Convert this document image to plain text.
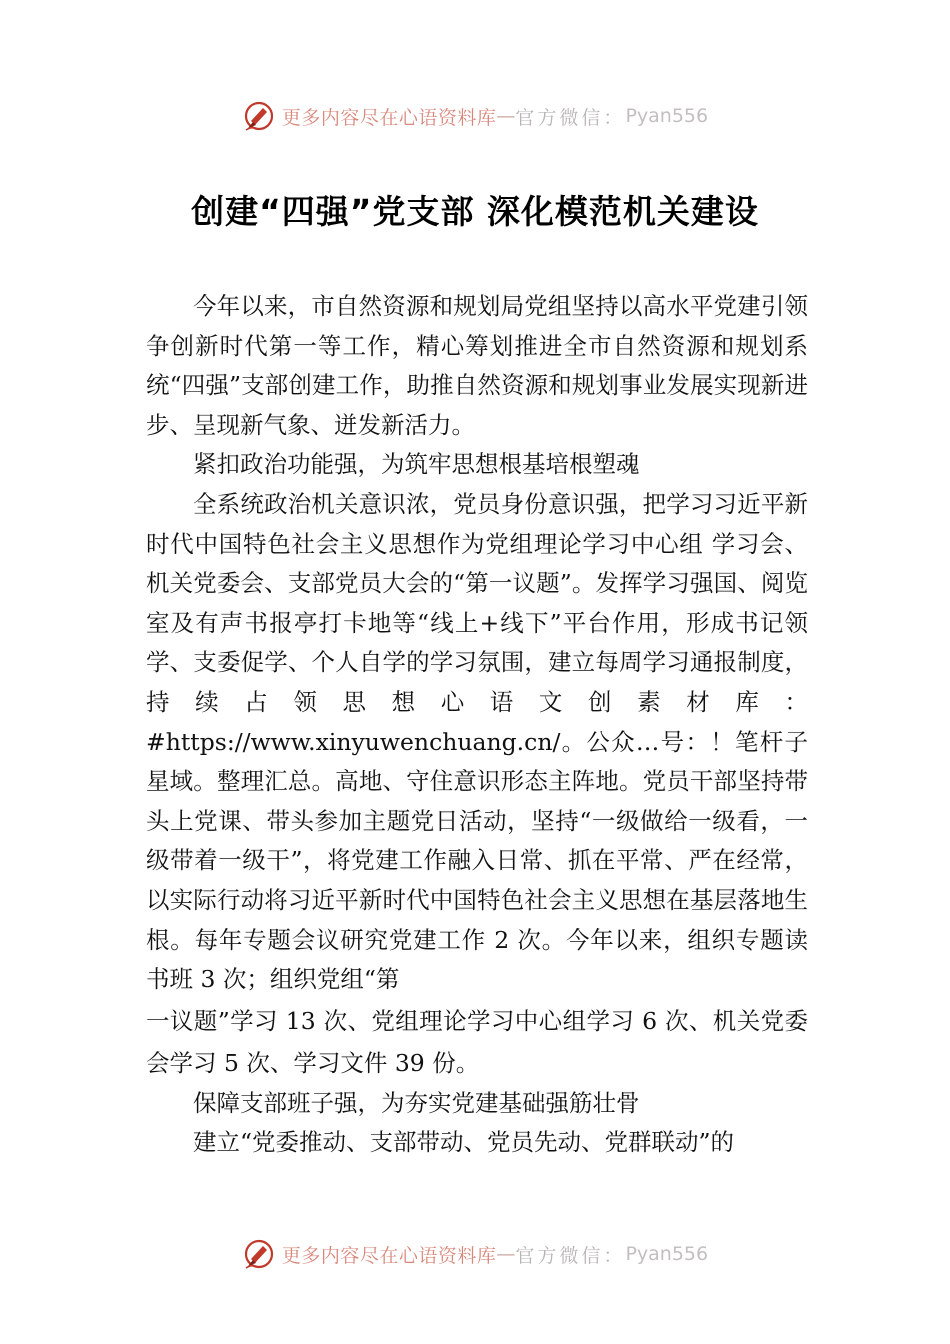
更多内容尽在心语资料库 — 官方微信： Pyan556
创建“四强”党支部 深化模范机关建设

今年以来，市自然资源和规划局党组坚持以高水平党建引领争创新时代第一等工作，精心筹划推进全市自然资源和规划系统“四强”支部创建工作，助推自然资源和规划事业发展实现新进步、呈现新气象、迸发新活力。

紧扣政治功能强，为筑牢思想根基培根塑魂

全系统政治机关意识浓，党员身份意识强，把学习习近平新时代中国特色社会主义思想作为党组理论学习中心组 学习会、机关党委会、支部党员大会的“第一议题”。发挥学习强国、阅览室及有声书报亭打卡地等“线上+线下”平台作用，形成书记领学、支委促学、个人自学的学习氛围，建立每周学习通报制度，持续占领思想心语文创素材库：#https://www.xinyuwenchuang.cn/。公众…号：！笔杆子星域。整理汇总。高地、守住意识形态主阵地。党员干部坚持带头上党课、带头参加主题党日活动，坚持“一级做给一级看，一级带着一级干”，将党建工作融入日常、抓在平常、严在经常，以实际行动将习近平新时代中国特色社会主义思想在基层落地生根。每年专题会议研究党建工作 2 次。今年以来，组织专题读书班 3 次；组织党组“第

一议题”学习 13 次、党组理论学习中心组学习 6 次、机关党委会学习 5 次、学习文件 39 份。

保障支部班子强，为夯实党建基础强筋壮骨

建立“党委推动、支部带动、党员先动、党群联动”的

更多内容尽在心语资料库 — 官方微信： Pyan556
